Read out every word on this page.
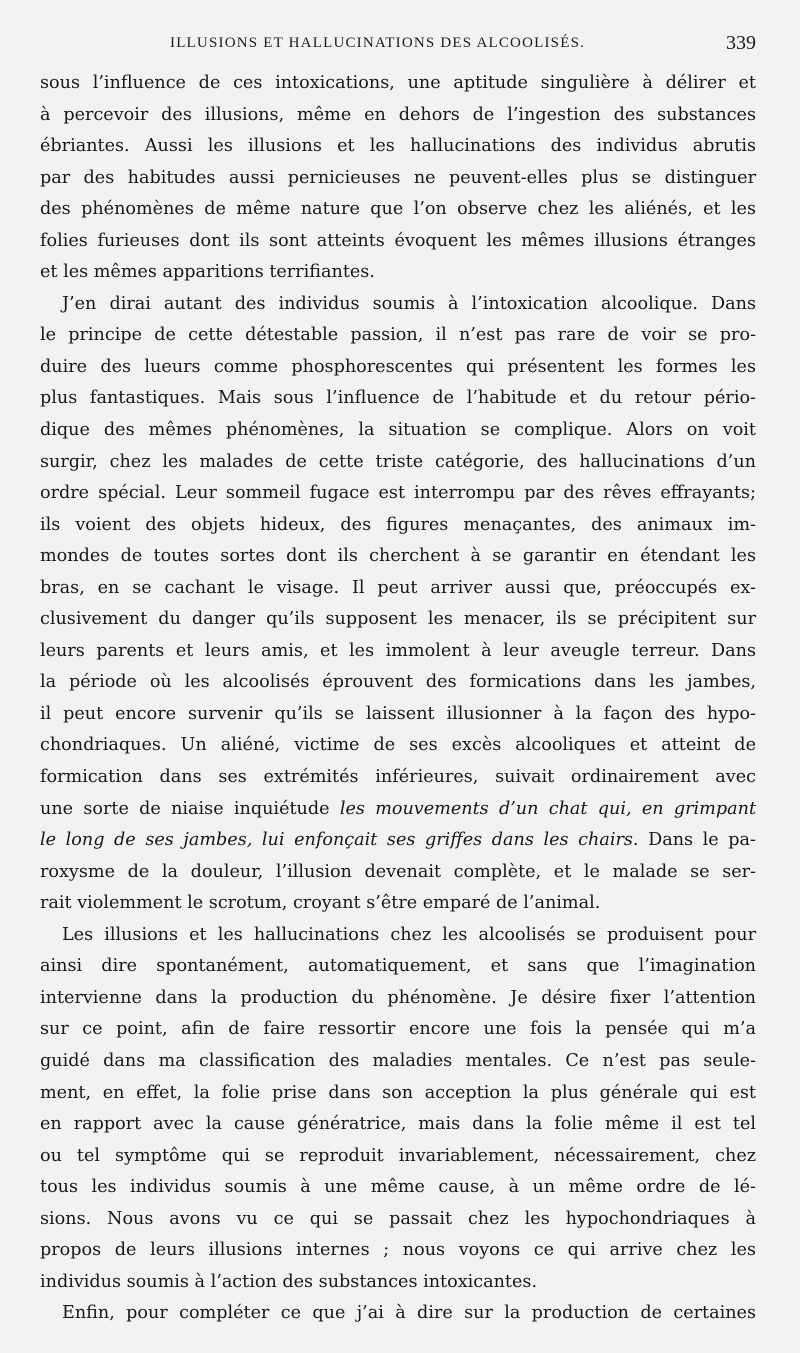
ILLUSIONS ET HALLUCINATIONS DES ALCOOLISÉS.	339

sous l’influence de ces intoxications, une aptitude singulière à délirer et
à percevoir des illusions, même en dehors de l’ingestion des substances
ébriantes. Aussi les illusions et les hallucinations des individus abrutis
par des habitudes aussi pernicieuses ne peuvent-elles plus se distinguer
des phénomènes de même nature que l’on observe chez les aliénés, et les
folies furieuses dont ils sont atteints évoquent les mêmes illusions étranges
et les mêmes apparitions terrifiantes.

J’en dirai autant des individus soumis à l’intoxication alcoolique. Dans
le principe de cette détestable passion, il n’est pas rare de voir se pro-
duire des lueurs comme phosphorescentes qui présentent les formes les
plus fantastiques. Mais sous l’influence de l’habitude et du retour pério-
dique des mêmes phénomènes, la situation se complique. Alors on voit
surgir, chez les malades de cette triste catégorie, des hallucinations d’un
ordre spécial. Leur sommeil fugace est interrompu par des rêves effrayants;
ils voient des objets hideux, des figures menaçantes, des animaux im-
mondes de toutes sortes dont ils cherchent à se garantir en étendant les
bras, en se cachant le visage. Il peut arriver aussi que, préoccupés ex-
clusivement du danger qu’ils supposent les menacer, ils se précipitent sur
leurs parents et leurs amis, et les immolent à leur aveugle terreur. Dans
la période où les alcoolisés éprouvent des formications dans les jambes,
il peut encore survenir qu’ils se laissent illusionner à la façon des hypo-
chondriaques. Un aliéné, victime de ses excès alcooliques et atteint de
formication dans ses extrémités inférieures, suivait ordinairement avec
une sorte de niaise inquiétude les mouvements d’un chat qui, en grimpant
le long de ses jambes, lui enfonçait ses griffes dans les chairs. Dans le pa-
roxysme de la douleur, l’illusion devenait complète, et le malade se ser-
rait violemment le scrotum, croyant s’être emparé de l’animal.

Les illusions et les hallucinations chez les alcoolisés se produisent pour
ainsi dire spontanément, automatiquement, et sans que l’imagination
intervienne dans la production du phénomène. Je désire fixer l’attention
sur ce point, afin de faire ressortir encore une fois la pensée qui m’a
guidé dans ma classification des maladies mentales. Ce n’est pas seule-
ment, en effet, la folie prise dans son acception la plus générale qui est
en rapport avec la cause génératrice, mais dans la folie même il est tel
ou tel symptôme qui se reproduit invariablement, nécessairement, chez
tous les individus soumis à une même cause, à un même ordre de lé-
sions. Nous avons vu ce qui se passait chez les hypochondriaques à
propos de leurs illusions internes ; nous voyons ce qui arrive chez les
individus soumis à l’action des substances intoxicantes.

Enfin, pour compléter ce que j’ai à dire sur la production de certaines
